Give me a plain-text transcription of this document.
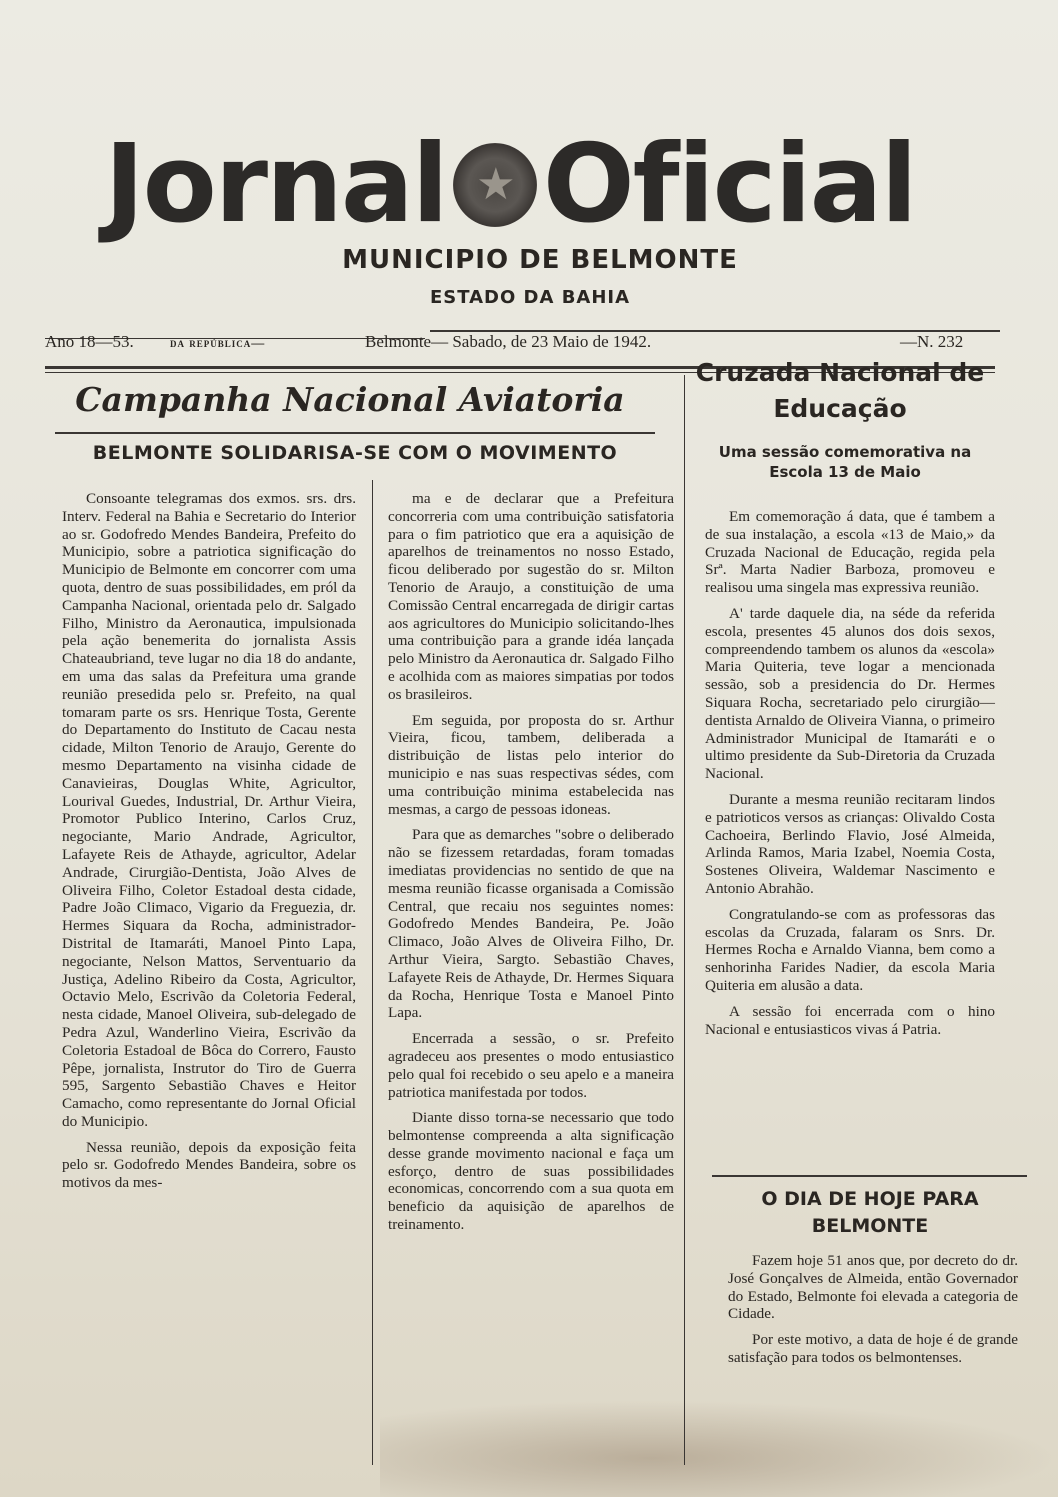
Jornal
★ Oficial
MUNICIPIO DE BELMONTE
ESTADO DA BAHIA
Ano 18—53.	da república—	Belmonte— Sabado, de 23 Maio de 1942.	—N. 232
Campanha Nacional Aviatoria
BELMONTE SOLIDARISA-SE COM O MOVIMENTO

Consoante telegramas dos exmos. srs. drs. Interv. Federal na Bahia e Secretario do Interior ao sr. Godofredo Mendes Bandeira, Prefeito do Municipio, sobre a patriotica significação do Municipio de Belmonte em concorrer com uma quota, dentro de suas possibilidades, em pról da Campanha Nacional, orientada pelo dr. Salgado Filho, Ministro da Aeronautica, impulsionada pela ação benemerita do jornalista Assis Chateaubriand, teve lugar no dia 18 do andante, em uma das salas da Prefeitura uma grande reunião presedida pelo sr. Prefeito, na qual tomaram parte os srs. Henrique Tosta, Gerente do Departamento do Instituto de Cacau nesta cidade, Milton Tenorio de Araujo, Gerente do mesmo Departamento na visinha cidade de Canavieiras, Douglas White, Agricultor, Lourival Guedes, Industrial, Dr. Arthur Vieira, Promotor Publico Interino, Carlos Cruz, negociante, Mario Andrade, Agricultor, Lafayete Reis de Athayde, agricultor, Adelar Andrade, Cirurgião-Dentista, João Alves de Oliveira Filho, Coletor Estadoal desta cidade, Padre João Climaco, Vigario da Freguezia, dr. Hermes Siquara da Rocha, administrador-Distrital de Itamaráti, Manoel Pinto Lapa, negociante, Nelson Mattos, Serventuario da Justiça, Adelino Ribeiro da Costa, Agricultor, Octavio Melo, Escrivão da Coletoria Federal, nesta cidade, Manoel Oliveira, sub-delegado de Pedra Azul, Wanderlino Vieira, Escrivão da Coletoria Estadoal de Bôca do Correго, Fausto Pêpe, jornalista, Instrutor do Tiro de Guerra 595, Sargento Sebastião Chaves e Heitor Camacho, como representante do Jornal Oficial do Municipio.

Nessa reunião, depois da exposição feita pelo sr. Godofredo Mendes Bandeira, sobre os motivos da mes-

ma e de declarar que a Prefeitura concorreria com uma contribuição satisfatoria para o fim patriotico que era a aquisição de aparelhos de treinamentos no nosso Estado, ficou deliberado por sugestão do sr. Milton Tenorio de Araujo, a constituição de uma Comissão Central encarregada de dirigir cartas aos agricultores do Municipio solicitando-lhes uma contribuição para a grande idéa lançada pelo Ministro da Aeronautica dr. Salgado Filho e acolhida com as maiores simpatias por todos os brasileiros.

Em seguida, por proposta do sr. Arthur Vieira, ficou, tambem, deliberada a distribuição de listas pelo interior do municipio e nas suas respectivas sédes, com uma contribuição minima estabelecida nas mesmas, a cargo de pessoas idoneas.

Para que as demarches "sobre o deliberado não se fizessem retardadas, foram tomadas imediatas providencias no sentido de que na mesma reunião ficasse organisada a Comissão Central, que recaiu nos seguintes nomes: Godofredo Mendes Bandeira, Pe. João Climaco, João Alves de Oliveira Filho, Dr. Arthur Vieira, Sargto. Sebastião Chaves, Lafayete Reis de Athayde, Dr. Hermes Siquara da Rocha, Henrique Tosta e Manoel Pinto Lapa.

Encerrada a sessão, o sr. Prefeito agradeceu aos presentes o modo entusiastico pelo qual foi recebido o seu apelo e a maneira patriotica manifestada por todos.

Diante disso torna-se necessario que todo belmontense compreenda a alta significação desse grande movimento nacional e faça um esforço, dentro de suas possibilidades economicas, concorrendo com a sua quota em beneficio da aquisição de aparelhos de treinamento.

Cruzada Nacional de
Educação
Uma sessão comemorativa na
Escola 13 de Maio

Em comemoração á data, que é tambem a de sua instalação, a escola «13 de Maio,» da Cruzada Nacional de Educação, regida pela Srª. Marta Nadier Barboza, promoveu e realisou uma singela mas expressiva reunião.

A' tarde daquele dia, na séde da referida escola, presentes 45 alunos dos dois sexos, compreendendo tambem os alunos da «escola» Maria Quiteria, teve logar a mencionada sessão, sob a presidencia do Dr. Hermes Siquara Rocha, secretariado pelo cirurgião—dentista Arnaldo de Oliveira Vianna, o primeiro Administrador Municipal de Itamaráti e o ultimo presidente da Sub-Diretoria da Cruzada Nacional.

Durante a mesma reunião recitaram lindos e patrioticos versos as crianças: Olivaldo Costa Cachoeira, Berlindo Flavio, José Almeida, Arlinda Ramos, Maria Izabel, Noemia Costa, Sostenes Oliveira, Waldemar Nascimento e Antonio Abrahão.

Congratulando-se com as professoras das escolas da Cruzada, falaram os Snrs. Dr. Hermes Rocha e Arnaldo Vianna, bem como a senhorinha Farides Nadier, da escola Maria Quiteria em alusão a data.

A sessão foi encerrada com o hino Nacional e entusiasticos vivas á Patria.

O DIA DE HOJE PARA
BELMONTE

Fazem hoje 51 anos que, por decreto do dr. José Gonçalves de Almeida, então Governador do Estado, Belmonte foi elevada a categoria de Cidade.

Por este motivo, a data de hoje é de grande satisfação para todos os belmontenses.
